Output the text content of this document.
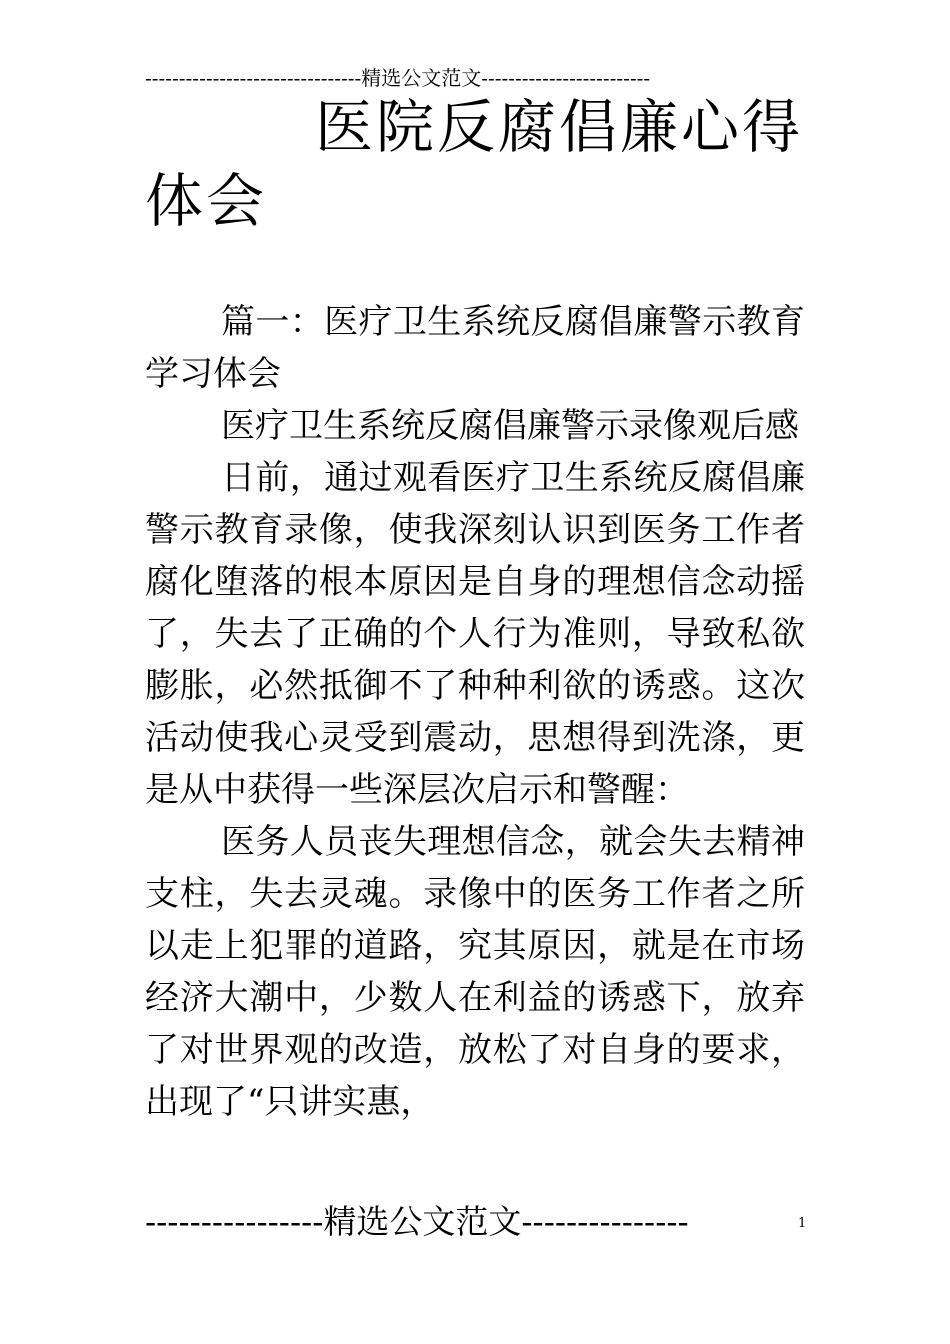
--------------------------------精选公文范文-------------------------
医院反腐倡廉心得
体会

篇一：医疗卫生系统反腐倡廉警示教育学习体会

医疗卫生系统反腐倡廉警示录像观后感

日前，通过观看医疗卫生系统反腐倡廉警示教育录像，使我深刻认识到医务工作者腐化堕落的根本原因是自身的理想信念动摇了，失去了正确的个人行为准则，导致私欲膨胀，必然抵御不了种种利欲的诱惑。这次活动使我心灵受到震动，思想得到洗涤，更是从中获得一些深层次启示和警醒：

医务人员丧失理想信念，就会失去精神支柱，失去灵魂。录像中的医务工作者之所以走上犯罪的道路，究其原因，就是在市场经济大潮中，少数人在利益的诱惑下，放弃了对世界观的改造，放松了对自身的要求，出现了“只讲实惠，

----------------精选公文范文---------------	1
